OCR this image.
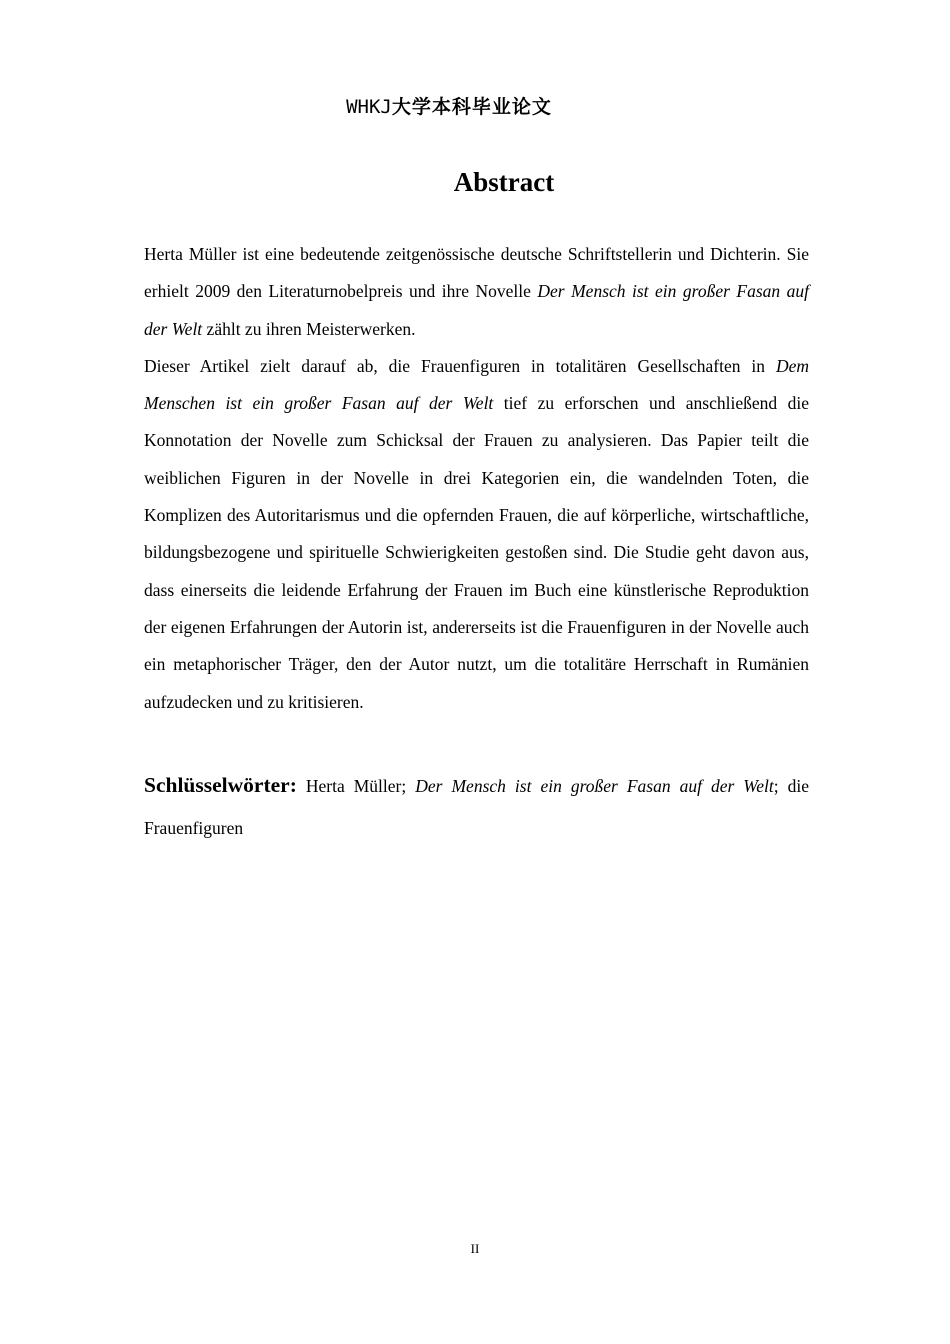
WHKJ大学本科毕业论文
Abstract

Herta Müller ist eine bedeutende zeitgenössische deutsche Schriftstellerin und Dichterin. Sie erhielt 2009 den Literaturnobelpreis und ihre Novelle Der Mensch ist ein großer Fasan auf der Welt zählt zu ihren Meisterwerken.

Dieser Artikel zielt darauf ab, die Frauenfiguren in totalitären Gesellschaften in Dem Menschen ist ein großer Fasan auf der Welt tief zu erforschen und anschließend die Konnotation der Novelle zum Schicksal der Frauen zu analysieren. Das Papier teilt die weiblichen Figuren in der Novelle in drei Kategorien ein, die wandelnden Toten, die Komplizen des Autoritarismus und die opfernden Frauen, die auf körperliche, wirtschaftliche, bildungsbezogene und spirituelle Schwierigkeiten gestoßen sind. Die Studie geht davon aus, dass einerseits die leidende Erfahrung der Frauen im Buch eine künstlerische Reproduktion der eigenen Erfahrungen der Autorin ist, andererseits ist die Frauenfiguren in der Novelle auch ein metaphorischer Träger, den der Autor nutzt, um die totalitäre Herrschaft in Rumänien aufzudecken und zu kritisieren.

Schlüsselwörter: Herta Müller; Der Mensch ist ein großer Fasan auf der Welt; die Frauenfiguren
II
